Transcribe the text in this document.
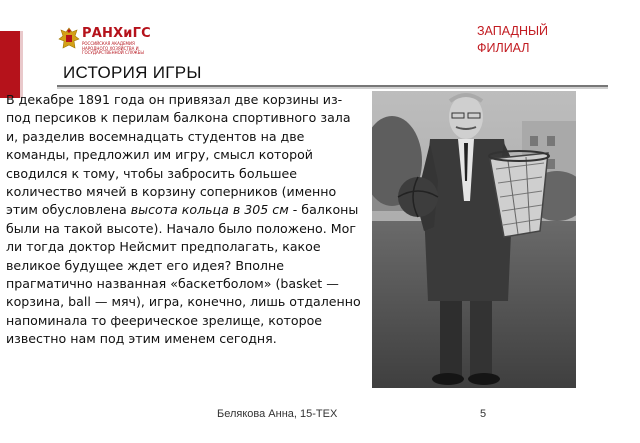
РАНХиГС
РОССИЙСКАЯ АКАДЕМИЯ НАРОДНОГО ХОЗЯЙСТВА И ГОСУДАРСТВЕННОЙ СЛУЖБЫ
ЗАПАДНЫЙ
ФИЛИАЛ
ИСТОРИЯ ИГРЫ
В декабре 1891 года он привязал две корзины из-под персиков к перилам балкона спортивного зала и, разделив восемнадцать студентов на две команды, предложил им игру, смысл которой сводился к тому, чтобы забросить большее количество мячей в корзину соперников (именно этим обусловлена высота кольца в 305 см - балконы были на такой высоте). Начало было положено. Мог ли тогда доктор Нейсмит предполагать, какое великое будущее ждет его идея? Вполне прагматично названная «баскетболом» (basket — корзина, ball — мяч), игра, конечно, лишь отдаленно напоминала то феерическое зрелище, которое известно нам под этим именем сегодня.
Белякова Анна, 15-ТЕХ	5
